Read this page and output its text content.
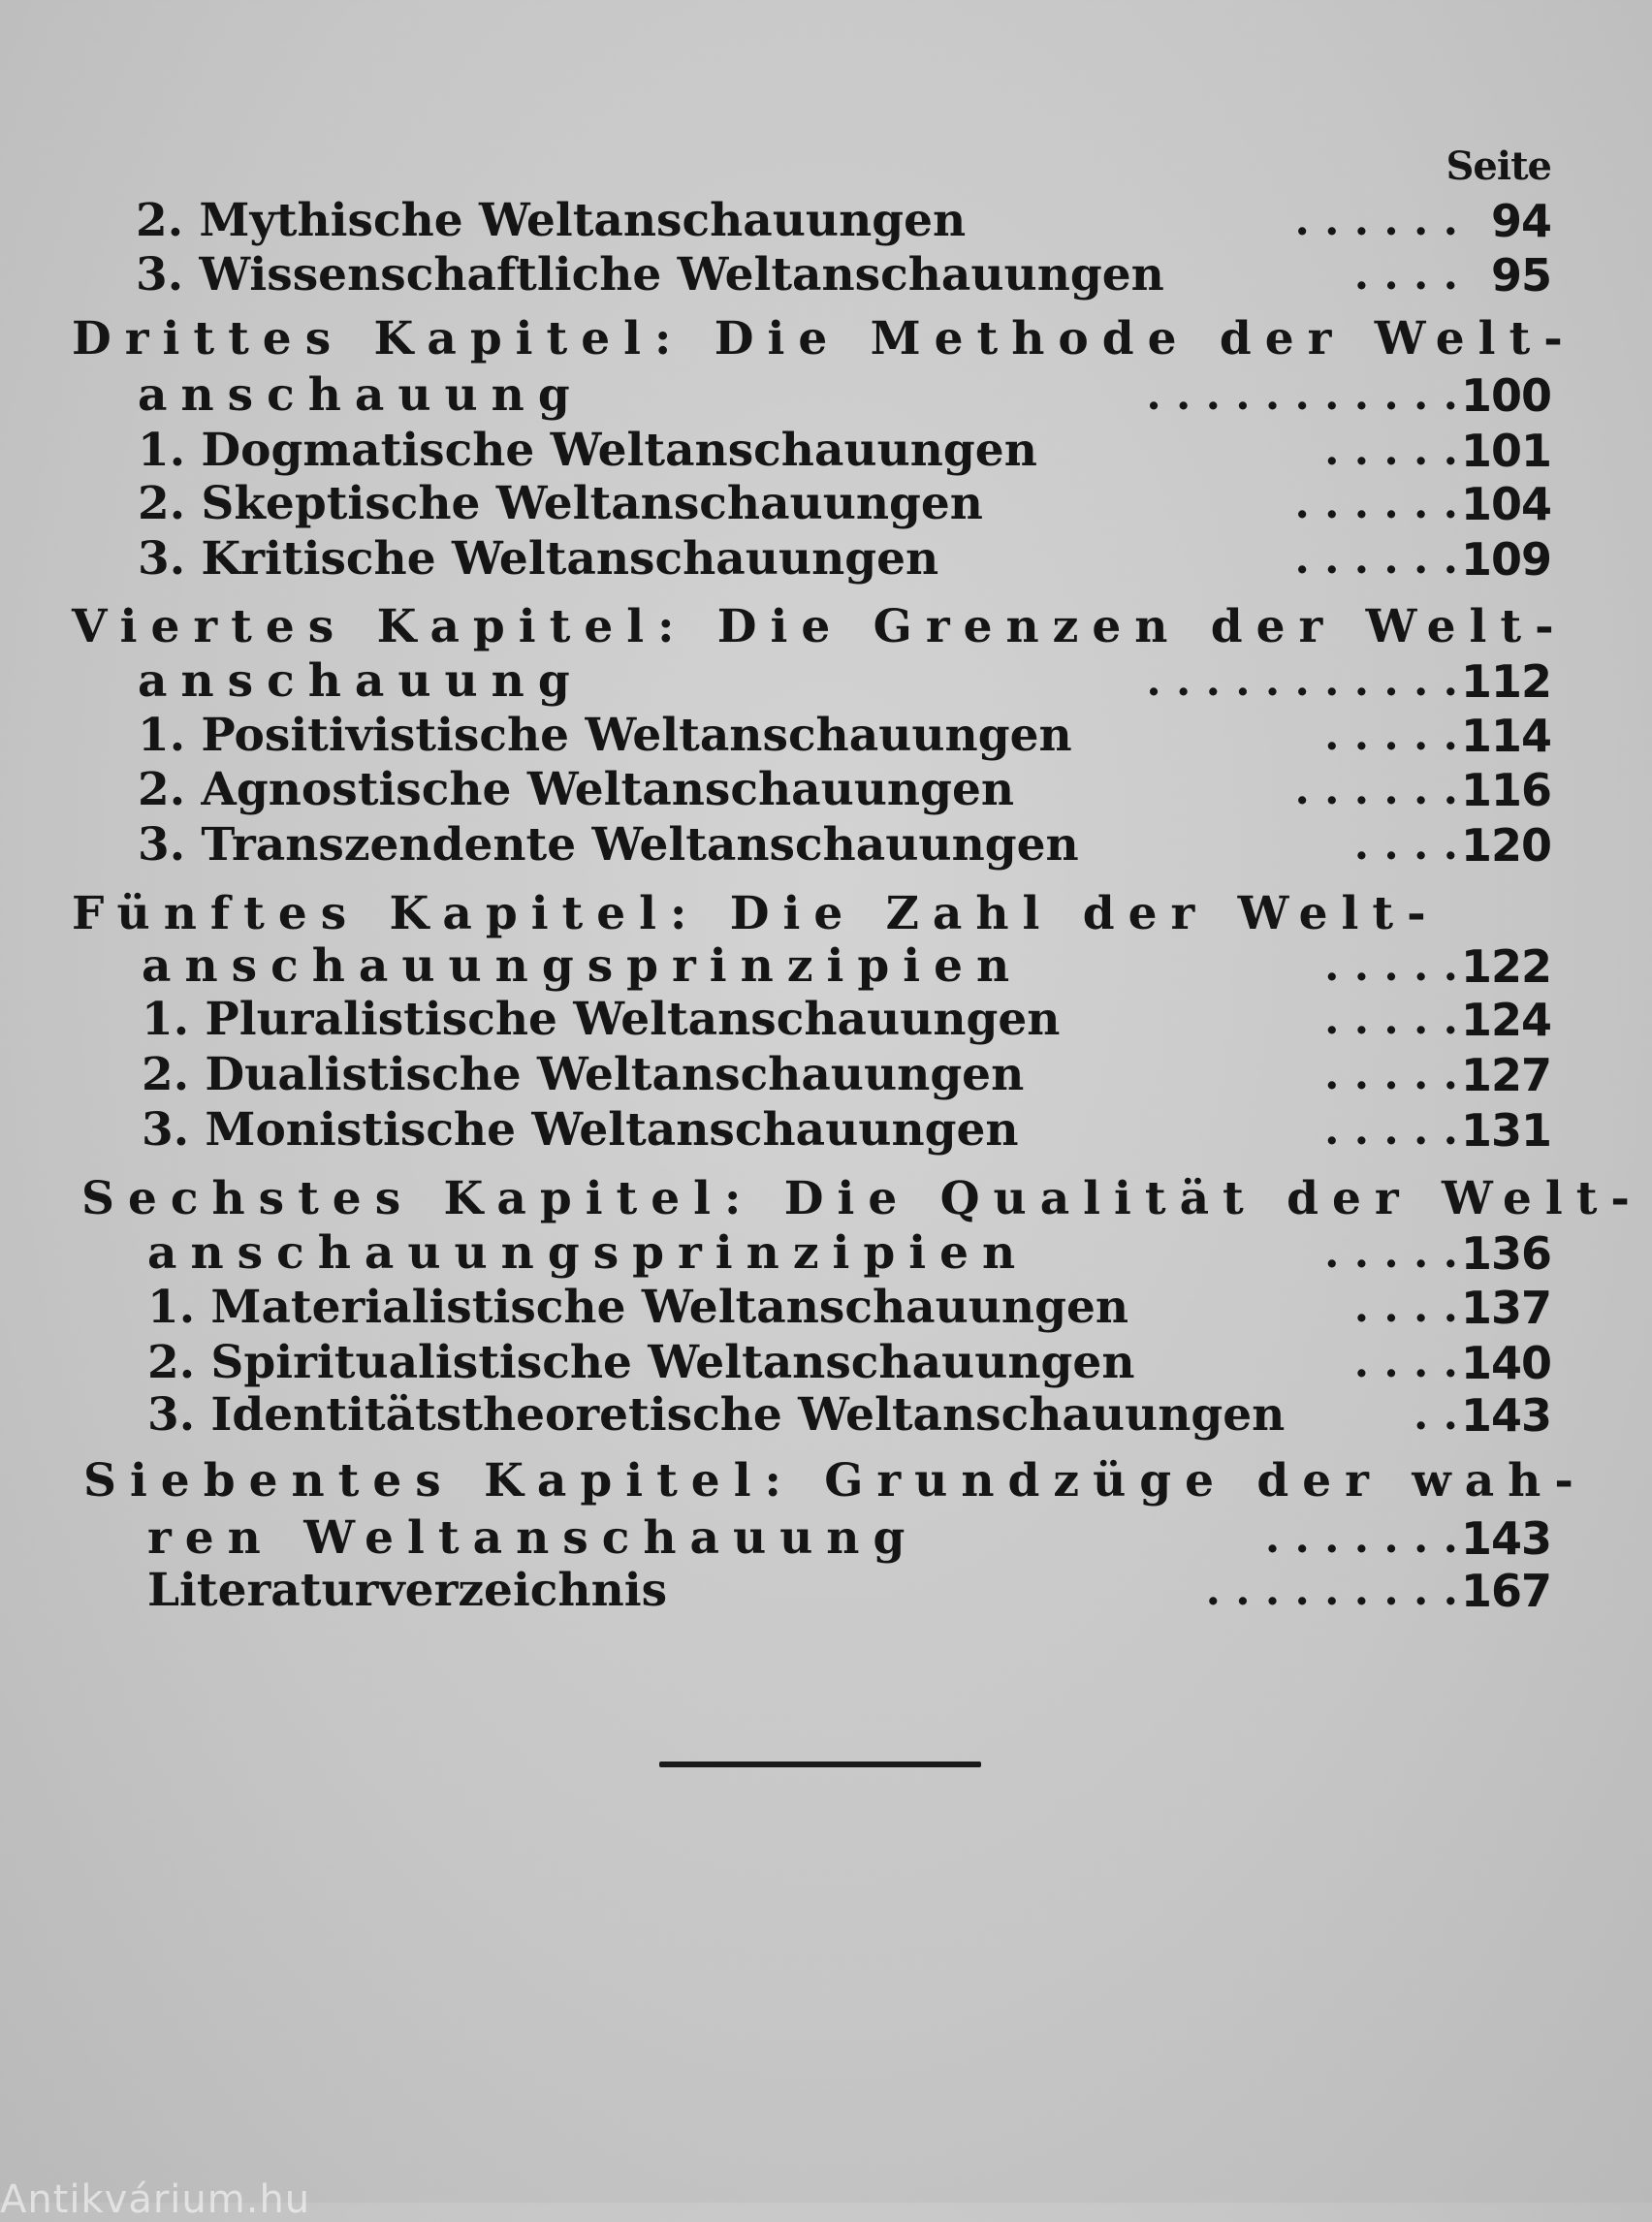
Seite
2. Mythische Weltanschauungen	. . . . . . 94
3. Wissenschaftliche Weltanschauungen	. . . . 95
Drittes Kapitel: Die Methode der Welt-
anschauung	. . . . . . . . . . . 100
1. Dogmatische Weltanschauungen	. . . . . 101
2. Skeptische Weltanschauungen	. . . . . . 104
3. Kritische Weltanschauungen	. . . . . . 109
Viertes Kapitel: Die Grenzen der Welt-
anschauung	. . . . . . . . . . . 112
1. Positivistische Weltanschauungen	. . . . . 114
2. Agnostische Weltanschauungen	. . . . . . 116
3. Transzendente Weltanschauungen	. . . . 120
Fünftes Kapitel: Die Zahl der Welt-
anschauungsprinzipien	. . . . . 122
1. Pluralistische Weltanschauungen	. . . . . 124
2. Dualistische Weltanschauungen	. . . . . 127
3. Monistische Weltanschauungen	. . . . . 131
Sechstes Kapitel: Die Qualität der Welt-
anschauungsprinzipien	. . . . . 136
1. Materialistische Weltanschauungen	. . . . 137
2. Spiritualistische Weltanschauungen	. . . . 140
3. Identitätstheoretische Weltanschauungen	. . 143
Siebentes Kapitel: Grundzüge der wah-
ren Weltanschauung	. . . . . . . 143
Literaturverzeichnis	. . . . . . . . . 167
Antikvárium.hu
